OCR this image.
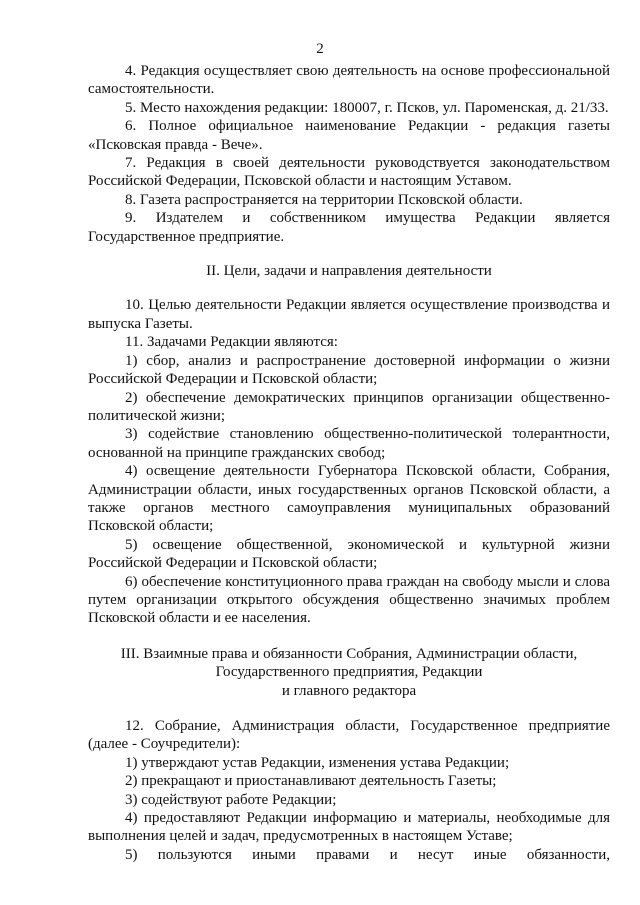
2

4. Редакция осуществляет свою деятельность на основе профессиональной самостоятельности.

5. Место нахождения редакции: 180007, г. Псков, ул. Пароменская, д. 21/33.

6. Полное официальное наименование Редакции - редакция газеты «Псковская правда - Вече».

7. Редакция в своей деятельности руководствуется законодательством Российской Федерации, Псковской области и настоящим Уставом.

8. Газета распространяется на территории Псковской области.

9. Издателем и собственником имущества Редакции является Государственное предприятие.

II. Цели, задачи и направления деятельности

10. Целью деятельности Редакции является осуществление производства и выпуска Газеты.

11. Задачами Редакции являются:

1) сбор, анализ и распространение достоверной информации о жизни Российской Федерации и Псковской области;

2) обеспечение демократических принципов организации общественно-политической жизни;

3) содействие становлению общественно-политической толерантности, основанной на принципе гражданских свобод;

4) освещение деятельности Губернатора Псковской области, Собрания, Администрации области, иных государственных органов Псковской области, а также органов местного самоуправления муниципальных образований Псковской области;

5) освещение общественной, экономической и культурной жизни Российской Федерации и Псковской области;

6) обеспечение конституционного права граждан на свободу мысли и слова путем организации открытого обсуждения общественно значимых проблем Псковской области и ее населения.

III. Взаимные права и обязанности Собрания, Администрации области,

Государственного предприятия, Редакции

и главного редактора

12. Собрание, Администрация области, Государственное предприятие (далее - Соучредители):

1) утверждают устав Редакции, изменения устава Редакции;

2) прекращают и приостанавливают деятельность Газеты;

3) содействуют работе Редакции;

4) предоставляют Редакции информацию и материалы, необходимые для выполнения целей и задач, предусмотренных в настоящем Уставе;

5) пользуются иными правами и несут иные обязанности,
